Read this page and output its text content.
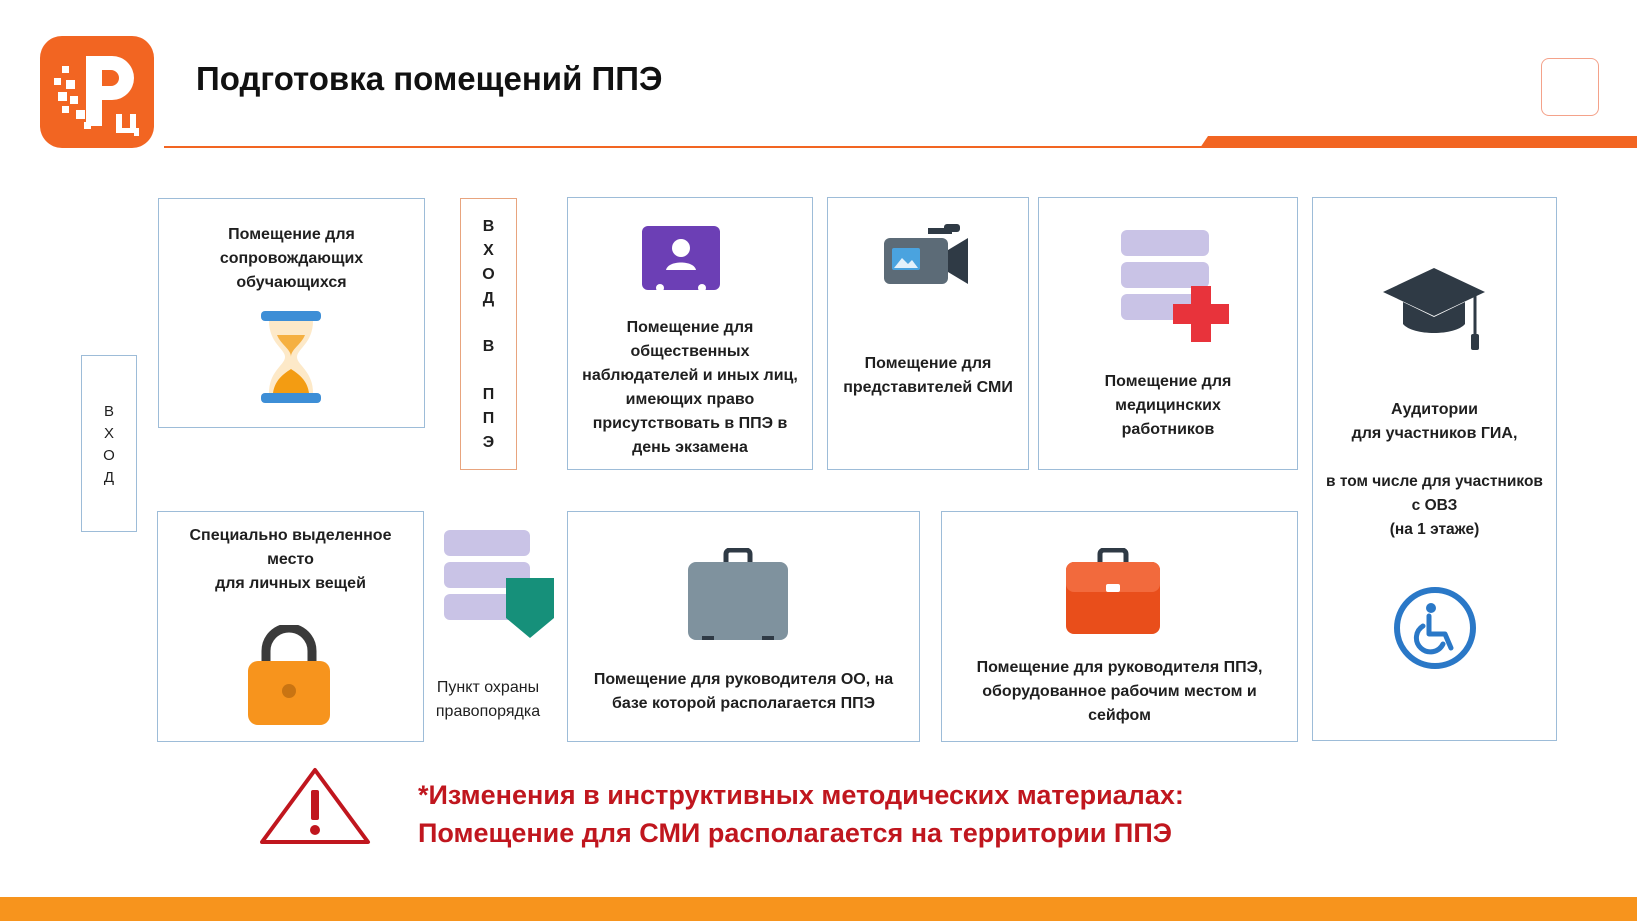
Подготовка помещений ППЭ
В
Х
О
Д
Помещение для
сопровождающих
обучающихся
В
Х
О
Д

В

П
П
Э
Помещение для
общественных
наблюдателей и иных лиц,
имеющих право
присутствовать в ППЭ в
день экзамена
Помещение для
представителей СМИ	Помещение для
медицинских
работников
Аудитории
для участников ГИА,
в том числе для участников
с ОВЗ
(на 1 этаже)
Специально выделенное
место
для личных вещей
Пункт охраны
правопорядка
Помещение для руководителя ОО, на
базе которой располагается ППЭ
Помещение для руководителя ППЭ,
оборудованное рабочим местом и
сейфом
*Изменения в инструктивных методических материалах:
Помещение для СМИ располагается на территории ППЭ
